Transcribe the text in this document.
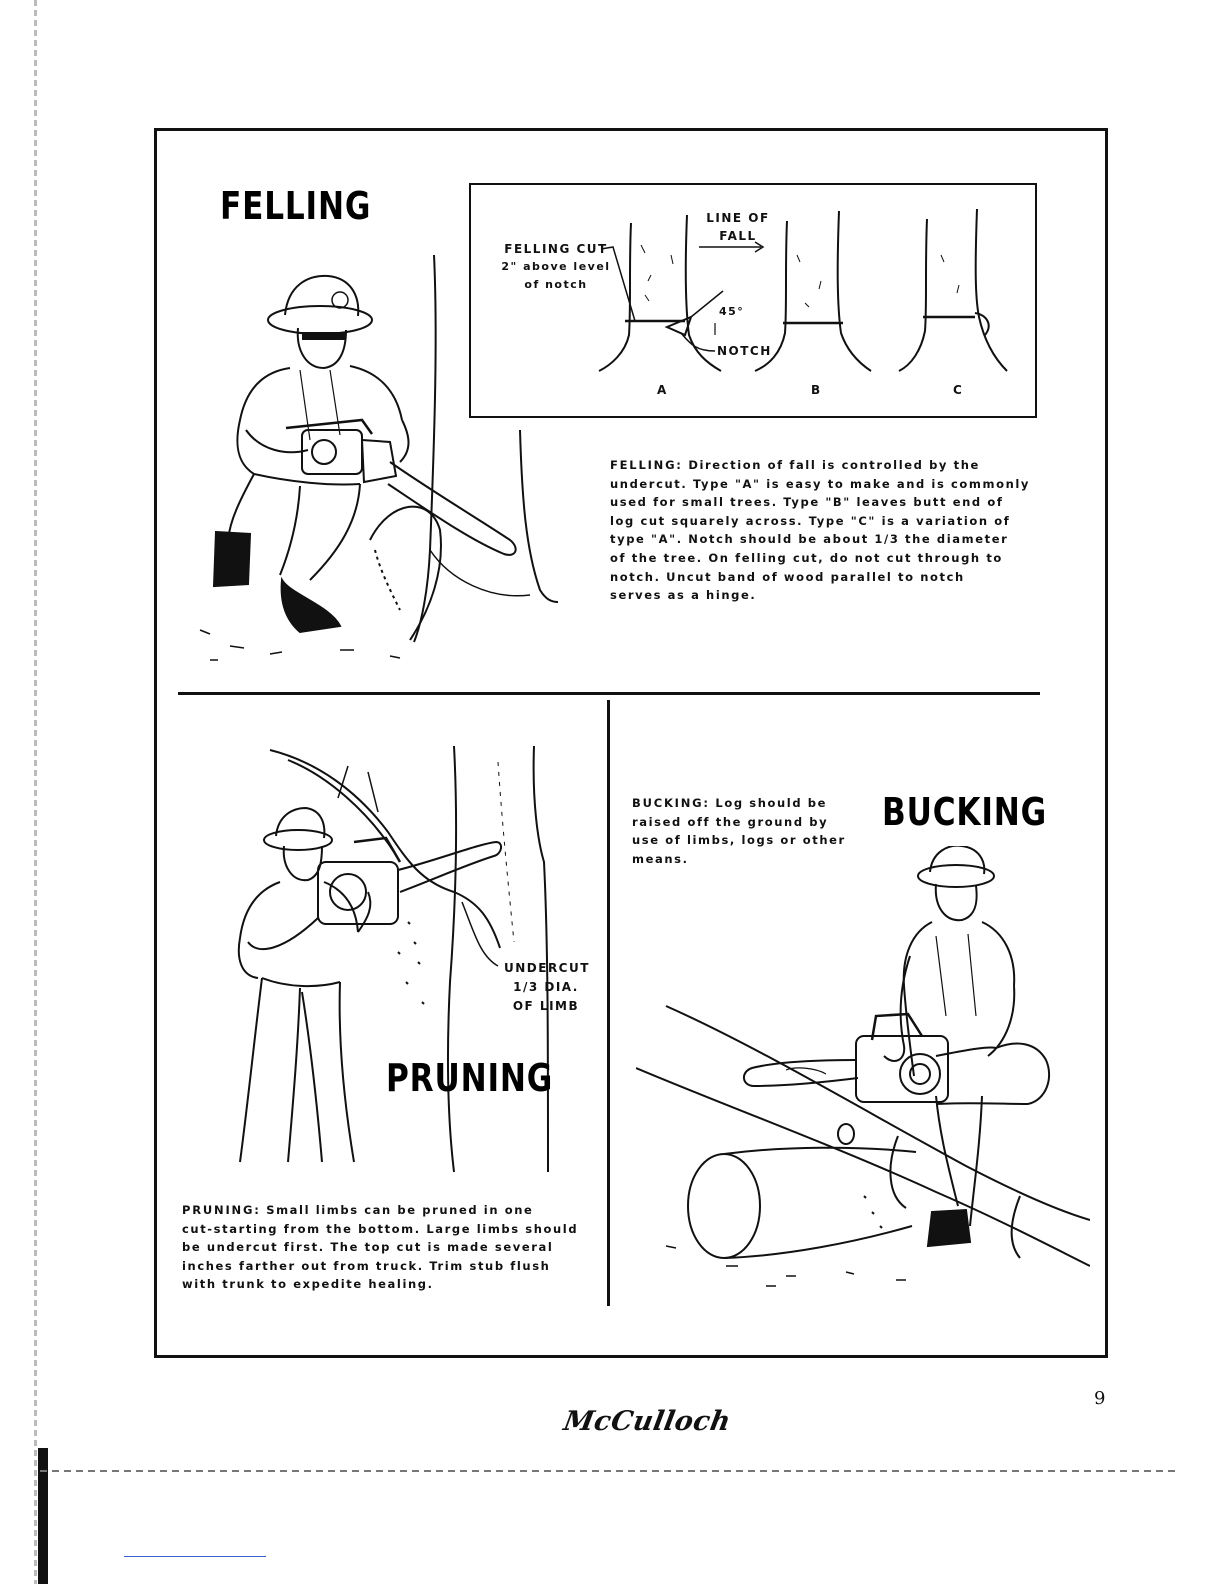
FELLING
FELLING CUT
2" above level
of notch
LINE OF
FALL
45°
NOTCH
A	B	C
FELLING: Direction of fall is controlled by the
undercut. Type "A" is easy to make and is commonly
used for small trees. Type "B" leaves butt end of
log cut squarely across. Type "C" is a variation of
type "A". Notch should be about 1/3 the diameter
of the tree. On felling cut, do not cut through to
notch. Uncut band of wood parallel to notch
serves as a hinge.
UNDERCUT
1/3 DIA.
OF LIMB
PRUNING
PRUNING: Small limbs can be pruned in one
cut-starting from the bottom. Large limbs should
be undercut first. The top cut is made several
inches farther out from truck. Trim stub flush
with trunk to expedite healing.
BUCKING: Log should be
raised off the ground by
use of limbs, logs or other
means.
BUCKING
9
McCulloch
